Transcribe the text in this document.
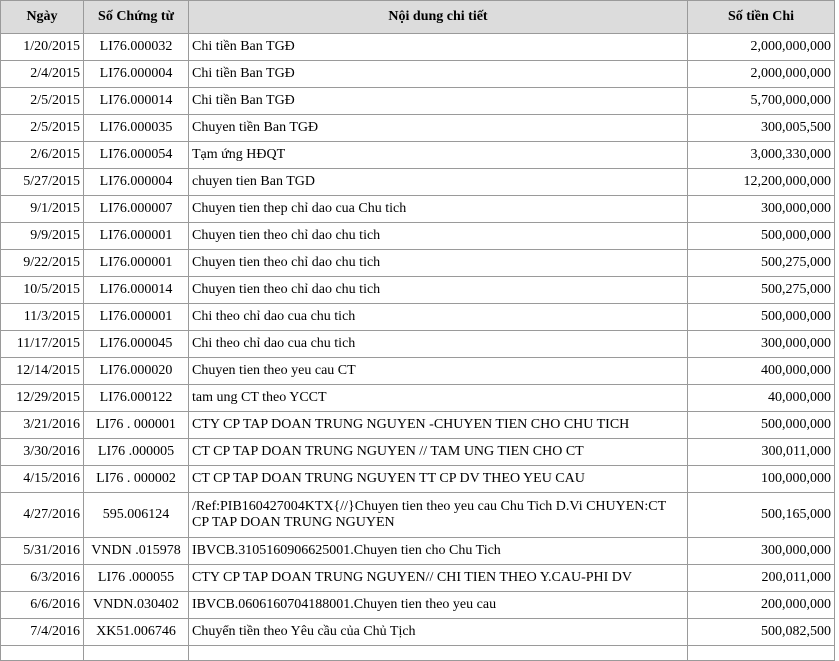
Ngày	Số Chứng từ	Nội dung chi tiết	Số tiền Chi
1/20/2015	LI76.000032	Chi tiền Ban TGĐ	2,000,000,000
2/4/2015	LI76.000004	Chi tiền Ban TGĐ	2,000,000,000
2/5/2015	LI76.000014	Chi tiền Ban TGĐ	5,700,000,000
2/5/2015	LI76.000035	Chuyen tiền Ban TGĐ	300,005,500
2/6/2015	LI76.000054	Tạm ứng HĐQT	3,000,330,000
5/27/2015	LI76.000004	chuyen tien Ban TGD	12,200,000,000
9/1/2015	LI76.000007	Chuyen tien thep chỉ dao cua Chu tich	300,000,000
9/9/2015	LI76.000001	Chuyen tien theo chỉ dao chu tich	500,000,000
9/22/2015	LI76.000001	Chuyen tien theo chỉ dao chu tich	500,275,000
10/5/2015	LI76.000014	Chuyen tien theo chỉ dao chu tich	500,275,000
11/3/2015	LI76.000001	Chi theo chỉ dao cua chu tich	500,000,000
11/17/2015	LI76.000045	Chi theo chỉ dao cua chu tich	300,000,000
12/14/2015	LI76.000020	Chuyen tien theo yeu cau CT	400,000,000
12/29/2015	LI76.000122	tam ung CT theo YCCT	40,000,000
3/21/2016	LI76 . 000001	CTY CP TAP DOAN TRUNG NGUYEN -CHUYEN TIEN CHO CHU TICH	500,000,000
3/30/2016	LI76 .000005	CT CP TAP DOAN TRUNG NGUYEN // TAM UNG TIEN CHO CT	300,011,000
4/15/2016	LI76 . 000002	CT CP TAP DOAN TRUNG NGUYEN TT CP DV THEO YEU CAU	100,000,000
4/27/2016	595.006124	/Ref:PIB160427004KTX{//}Chuyen tien theo yeu cau Chu Tich D.Vi CHUYEN:CT CP TAP DOAN TRUNG NGUYEN	500,165,000
5/31/2016	VNDN .015978	IBVCB.3105160906625001.Chuyen tien cho Chu Tich	300,000,000
6/3/2016	LI76 .000055	CTY CP TAP DOAN TRUNG NGUYEN// CHI TIEN THEO Y.CAU-PHI DV	200,011,000
6/6/2016	VNDN.030402	IBVCB.0606160704188001.Chuyen tien theo yeu cau	200,000,000
7/4/2016	XK51.006746	Chuyển tiền theo Yêu cầu của Chủ Tịch	500,082,500
